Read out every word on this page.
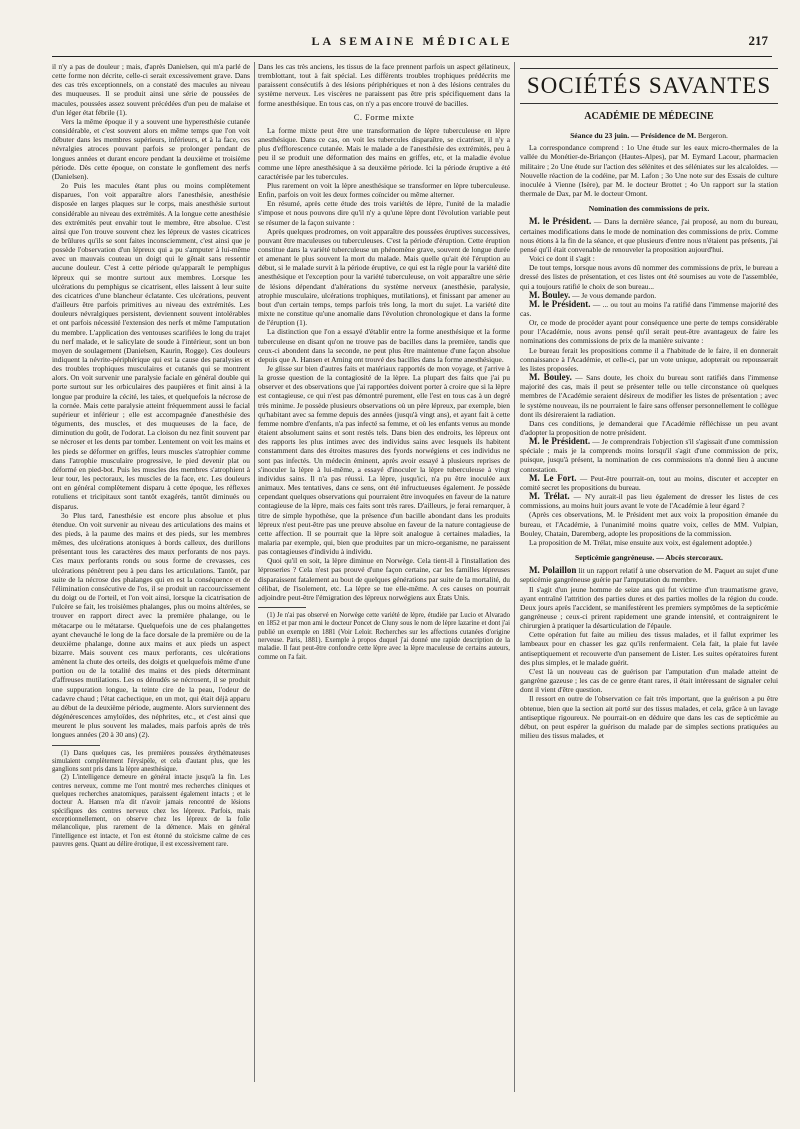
LA SEMAINE MÉDICALE	217

il n'y a pas de douleur ; mais, d'après Danielsen, qui m'a parlé de cette forme non décrite, celle-ci serait excessivement grave. Dans des cas très exceptionnels, on a constaté des macules au niveau des muqueuses. Il se produit ainsi une série de poussées de macules, poussées assez souvent précédées d'un peu de malaise et d'un léger état fébrile (1).

Vers la même époque il y a souvent une hyperesthésie cutanée considérable, et c'est souvent alors en même temps que l'on voit débuter dans les membres supérieurs, inférieurs, et à la face, ces névralgies atroces pouvant parfois se prolonger pendant de longues années et durant encore pendant la deuxième et troisième période. Dès cette époque, on constate le gonflement des nerfs (Danielsen).

2o Puis les macules étant plus ou moins complètement disparues, l'on voit apparaître alors l'anesthésie, anesthésie disposée en larges plaques sur le corps, mais anesthésie surtout considérable au niveau des extrémités. A la longue cette anesthésie des extrémités peut envahir tout le membre, être absolue. C'est ainsi que l'on trouve souvent chez les lépreux de vastes cicatrices de brûlures qu'ils se sont faites inconsciemment, c'est ainsi que je possède l'observation d'un lépreux qui a pu s'amputer à lui-même avec un mauvais couteau un doigt qui le gênait sans ressentir aucune douleur. C'est à cette période qu'apparaît le pemphigus lépreux qui se montre surtout aux membres. Lorsque les ulcérations du pemphigus se cicatrisent, elles laissent à leur suite des cicatrices d'une blancheur éclatante. Ces ulcérations, peuvent d'ailleurs être parfois primitives au niveau des extrémités. Les douleurs névralgiques persistent, deviennent souvent intolérables et ont parfois nécessité l'extension des nerfs et même l'amputation du membre. L'application des ventouses scarifiées le long du trajet du nerf malade, et le salicylate de soude à l'intérieur, sont un bon moyen de soulagement (Danielsen, Kaurin, Rogge). Ces douleurs indiquent la névrite-périphérique qui est la cause des paralysies et des troubles trophiques musculaires et cutanés qui se montrent alors. On voit survenir une paralysie faciale en général double qui porte surtout sur les orbiculaires des paupières et finit ainsi à la longue par produire la cécité, les taies, et quelquefois la nécrose de la cornée. Mais cette paralysie atteint fréquemment aussi le facial supérieur et inférieur ; elle est accompagnée d'anesthésie des téguments, des muscles, et des muqueuses de la face, de diminution du goût, de l'odorat. La cloison du nez finit souvent par se nécroser et les dents par tomber. Lentement on voit les mains et les pieds se déformer en griffes, leurs muscles s'atrophier comme dans l'atrophie musculaire progressive, le pied devenir plat ou déformé en pied-bot. Puis les muscles des membres s'atrophient à leur tour, les pectoraux, les muscles de la face, etc. Les douleurs ont en général complètement disparu à cette époque, les réflexes rotuliens et tricipitaux sont tantôt exagérés, tantôt diminués ou disparus.

3o Plus tard, l'anesthésie est encore plus absolue et plus étendue. On voit survenir au niveau des articulations des mains et des pieds, à la paume des mains et des pieds, sur les membres mêmes, des ulcérations atoniques à bords calleux, des durillons présentant tous les caractères des maux perforants de nos pays. Ces maux perforants ronds ou sous forme de crevasses, ces ulcérations pénètrent peu à peu dans les articulations. Tantôt, par suite de la nécrose des phalanges qui en est la conséquence et de l'élimination consécutive de l'os, il se produit un raccourcissement du doigt ou de l'orteil, et l'on voit ainsi, lorsque la cicatrisation de l'ulcère se fait, les troisièmes phalanges, plus ou moins altérées, se trouver en rapport direct avec la première phalange, ou le métacarpe ou le métatarse. Quelquefois une de ces phalangettes ayant chevauché le long de la face dorsale de la première ou de la deuxième phalange, donne aux mains et aux pieds un aspect bizarre. Mais souvent ces maux perforants, ces ulcérations amènent la chute des orteils, des doigts et quelquefois même d'une portion ou de la totalité des mains et des pieds déterminant d'affreuses mutilations. Les os dénudés se nécrosent, il se produit une suppuration longue, la teinte cire de la peau, l'odeur de cadavre chaud ; l'état cachectique, en un mot, qui était déjà apparu au début de la deuxième période, augmente. Alors surviennent des dégénérescences amyloïdes, des néphrites, etc., et c'est ainsi que meurent le plus souvent les malades, mais parfois après de très longues années (20 à 30 ans) (2).

(1) Dans quelques cas, les premières poussées érythémateuses simulaient complètement l'érysipèle, et cela d'autant plus, que les ganglions sont pris dans la lèpre anesthésique.

(2) L'intelligence demeure en général intacte jusqu'à la fin. Les centres nerveux, comme me l'ont montré mes recherches cliniques et quelques recherches anatomiques, paraissent également intacts ; et le docteur A. Hansen m'a dit n'avoir jamais rencontré de lésions spécifiques des centres nerveux chez les lépreux. Parfois, mais exceptionnellement, on observe chez les lépreux de la folie mélancolique, plus rarement de la démence. Mais en général l'intelligence est intacte, et l'on est étonné du stoïcisme calme de ces pauvres gens. Quant au délire érotique, il est excessivement rare.

Dans les cas très anciens, les tissus de la face prennent parfois un aspect gélatineux, tremblottant, tout à fait spécial. Les différents troubles trophiques prédécrits me paraissent consécutifs à des lésions périphériques et non à des lésions centrales du système nerveux. Les viscères ne paraissent pas être pris spécifiquement dans la forme anesthésique. En tous cas, on n'y a pas encore trouvé de bacilles.

C. Forme mixte

La forme mixte peut être une transformation de lèpre tuberculeuse en lèpre anesthésique. Dans ce cas, on voit les tubercules disparaître, se cicatriser, il n'y a plus d'efflorescence cutanée. Mais le malade a de l'anesthésie des extrémités, peu à peu il se produit une déformation des mains en griffes, etc, et la maladie évolue comme une lèpre anesthésique à sa deuxième période. Ici la période éruptive a été caractérisée par les tubercules.

Plus rarement on voit la lèpre anesthésique se transformer en lèpre tuberculeuse. Enfin, parfois on voit les deux formes coïncider ou même alterner.

En résumé, après cette étude des trois variétés de lèpre, l'unité de la maladie s'impose et nous pouvons dire qu'il n'y a qu'une lèpre dont l'évolution variable peut se résumer de la façon suivante :

Après quelques prodromes, on voit apparaître des poussées éruptives successives, pouvant être maculeuses ou tuberculeuses. C'est la période d'éruption. Cette éruption constitue dans la variété tuberculeuse un phénomène grave, souvent de longue durée et amenant le plus souvent la mort du malade. Mais quelle qu'ait été l'éruption au début, si le malade survit à la période éruptive, ce qui est la règle pour la variété dite anesthésique et l'exception pour la variété tuberculeuse, on voit apparaître une série de lésions dépendant d'altérations du système nerveux (anesthésie, paralysie, atrophie musculaire, ulcérations trophiques, mutilations), et finissant par amener au bout d'un certain temps, temps parfois très long, la mort du sujet. La variété dite mixte ne constitue qu'une anomalie dans l'évolution chronologique et dans la forme de l'éruption (1).

La distinction que l'on a essayé d'établir entre la forme anesthésique et la forme tuberculeuse en disant qu'on ne trouve pas de bacilles dans la première, tandis que ceux-ci abondent dans la seconde, ne peut plus être maintenue d'une façon absolue depuis que A. Hansen et Arning ont trouvé des bacilles dans la forme anesthésique.

Je glisse sur bien d'autres faits et matériaux rapportés de mon voyage, et j'arrive à la grosse question de la contagiosité de la lèpre. La plupart des faits que j'ai pu observer et des observations que j'ai rapportées doivent porter à croire que si la lèpre est contagieuse, ce qui n'est pas démontré purement, elle l'est en tous cas à un degré très minime. Je possède plusieurs observations où un père lépreux, par exemple, bien qu'habitant avec sa femme depuis des années (jusqu'à vingt ans), et ayant fait à cette femme nombre d'enfants, n'a pas infecté sa femme, et où les enfants venus au monde étaient absolument sains et sont restés tels. Dans bien des endroits, les lépreux ont des rapports les plus intimes avec des individus sains avec lesquels ils habitent constamment dans des étroites masures des fyords norwégiens et ces individus ne sont pas infectés. Un médecin éminent, après avoir essayé à plusieurs reprises de s'inoculer la lèpre à lui-même, a essayé d'inoculer la lèpre tuberculeuse à vingt individus sains. Il n'a pas réussi. La lèpre, jusqu'ici, n'a pu être inoculée aux animaux. Mes tentatives, dans ce sens, ont été infructueuses également. Je possède cependant quelques observations qui pourraient être invoquées en faveur de la nature contagieuse de la lèpre, mais ces faits sont très rares. D'ailleurs, je ferai remarquer, à titre de simple hypothèse, que la présence d'un bacille abondant dans les produits lépreux n'est peut-être pas une preuve absolue en faveur de la nature contagieuse de cette affection. Il se pourrait que la lèpre soit analogue à certaines maladies, la malaria par exemple, qui, bien que produites par un micro-organisme, ne paraissent pas contagieuses d'individu à individu.

Quoi qu'il en soit, la lèpre diminue en Norwège. Cela tient-il à l'installation des léproseries ? Cela n'est pas prouvé d'une façon certaine, car les familles lépreuses disparaissent fatalement au bout de quelques générations par suite de la mortalité, du célibat, de l'isolement, etc. La lèpre se tue elle-même. A ces causes on pourrait adjoindre peut-être l'émigration des lépreux norwégiens aux États Unis.

(1) Je n'ai pas observé en Norwège cette variété de lèpre, étudiée par Lucio et Alvarado en 1852 et par mon ami le docteur Poncet de Cluny sous le nom de lèpre lazarine et dont j'ai publié un exemple en 1881 (Voir Leloir. Recherches sur les affections cutanées d'origine nerveuse. Paris, 1881). Exemple à propos duquel j'ai donné une rapide description de la maladie. Il faut peut-être confondre cette lèpre avec la lèpre maculeuse de certains auteurs, comme on l'a fait.

SOCIÉTÉS SAVANTES
ACADÉMIE DE MÉDECINE
Séance du 23 juin. — Présidence de M. Bergeron.

La correspondance comprend : 1o Une étude sur les eaux micro-thermales de la vallée du Monétier-de-Briançon (Hautes-Alpes), par M. Eymard Lacour, pharmacien militaire ; 2o Une étude sur l'action des sélénites et des séléniates sur les alcaloïdes. — Nouvelle réaction de la codéine, par M. Lafon ; 3o Une note sur des Essais de culture inoculée à Vienne (Isère), par M. le docteur Brottet ; 4o Un rapport sur la station thermale de Dax, par M. le docteur Omont.

Nomination des commissions de prix.

M. le Président. — Dans la dernière séance, j'ai proposé, au nom du bureau, certaines modifications dans le mode de nomination des commissions de prix. Comme nous étions à la fin de la séance, et que plusieurs d'entre nous n'étaient pas présents, j'ai pensé qu'il était convenable de renouveler la proposition aujourd'hui.

Voici ce dont il s'agit :

De tout temps, lorsque nous avons dû nommer des commissions de prix, le bureau a dressé des listes de présentation, et ces listes ont été soumises au vote de l'assemblée, qui a toujours ratifié le choix de son bureau...

M. Bouley. — Je vous demande pardon.

M. le Président. — ... ou tout au moins l'a ratifié dans l'immense majorité des cas.

Or, ce mode de procéder ayant pour conséquence une perte de temps considérable pour l'Académie, nous avons pensé qu'il serait peut-être avantageux de faire les nominations des commissions de prix de la manière suivante :

Le bureau ferait les propositions comme il a l'habitude de le faire, il en donnerait connaissance à l'Académie, et celle-ci, par un vote unique, adopterait ou repousserait les listes proposées.

M. Bouley. — Sans doute, les choix du bureau sont ratifiés dans l'immense majorité des cas, mais il peut se présenter telle ou telle circonstance où quelques membres de l'Académie seraient désireux de modifier les listes de présentation ; avec le système nouveau, ils ne pourraient le faire sans offenser personnellement le collègue dont ils désireraient la radiation.

Dans ces conditions, je demanderai que l'Académie réfléchisse un peu avant d'adopter la proposition de notre président.

M. le Président. — Je comprendrais l'objection s'il s'agissait d'une commission spéciale ; mais je la comprends moins lorsqu'il s'agit d'une commission de prix, puisque, jusqu'à présent, la nomination de ces commissions n'a donné lieu à aucune contestation.

M. Le Fort. — Peut-être pourrait-on, tout au moins, discuter et accepter en comité secret les propositions du bureau.

M. Trélat. — N'y aurait-il pas lieu également de dresser les listes de ces commissions, au moins huit jours avant le vote de l'Académie à leur égard ?

(Après ces observations, M. le Président met aux voix la proposition émanée du bureau, et l'Académie, à l'unanimité moins quatre voix, celles de MM. Vulpian, Bouley, Chatain, Daremberg, adopte les propositions de la commission.

La proposition de M. Trélat, mise ensuite aux voix, est également adoptée.)

Septicémie gangréneuse. — Abcès stercoraux.

M. Polaillon lit un rapport relatif à une observation de M. Paquet au sujet d'une septicémie gangréneuse guérie par l'amputation du membre.

Il s'agit d'un jeune homme de seize ans qui fut victime d'un traumatisme grave, ayant entraîné l'attrition des parties dures et des parties molles de la région du coude. Deux jours après l'accident, se manifestèrent les premiers symptômes de la septicémie gangréneuse ; ceux-ci prirent rapidement une grande intensité, et contraignirent le chirurgien à pratiquer la désarticulation de l'épaule.

Cette opération fut faite au milieu des tissus malades, et il fallut exprimer les lambeaux pour en chasser les gaz qu'ils renfermaient. Cela fait, la plaie fut lavée antiseptiquement et recouverte d'un pansement de Lister. Les suites opératoires furent des plus simples, et le malade guérit.

C'est là un nouveau cas de guérison par l'amputation d'un malade atteint de gangrène gazeuse ; les cas de ce genre étant rares, il était intéressant de signaler celui dont il vient d'être question.

Il ressort en outre de l'observation ce fait très important, que la guérison a pu être obtenue, bien que la section ait porté sur des tissus malades, et cela, grâce à un lavage antiseptique rigoureux. Ne pourrait-on en déduire que dans les cas de septicémie au début, on peut espérer la guérison du malade par de simples sections pratiquées au milieu des tissus malades, et
